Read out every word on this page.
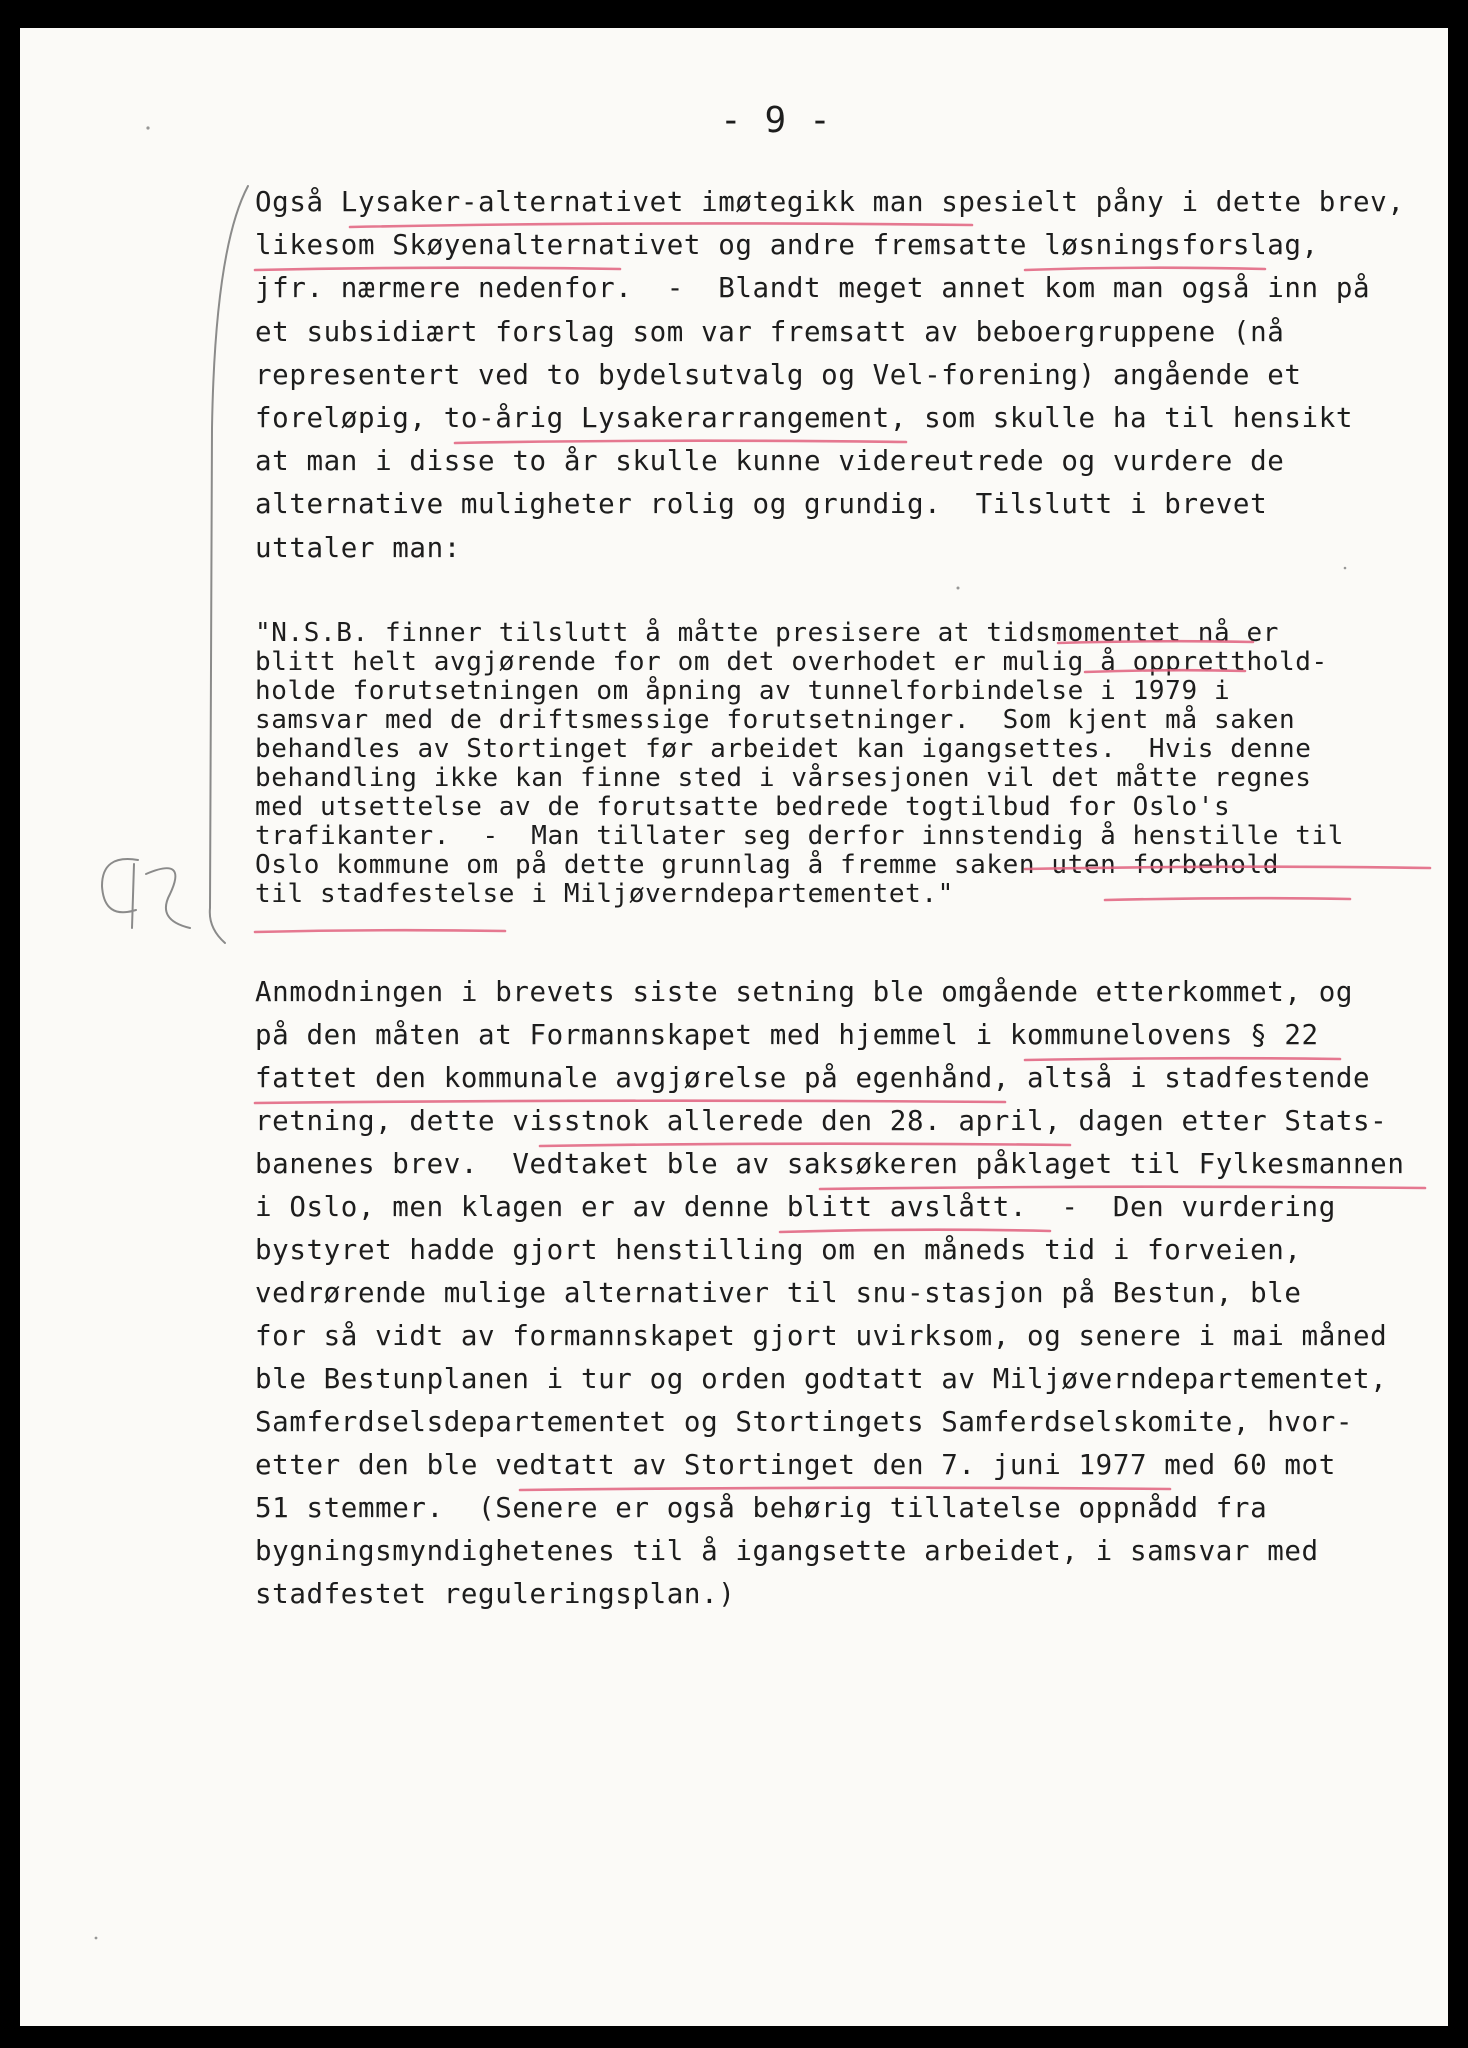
- 9 -
Også Lysaker-alternativet imøtegikk man spesielt påny i dette brev,
likesom Skøyenalternativet og andre fremsatte løsningsforslag,
jfr. nærmere nedenfor.  -  Blandt meget annet kom man også inn på
et subsidiært forslag som var fremsatt av beboergruppene (nå
representert ved to bydelsutvalg og Vel-forening) angående et
foreløpig, to-årig Lysakerarrangement, som skulle ha til hensikt
at man i disse to år skulle kunne videreutrede og vurdere de
alternative muligheter rolig og grundig.  Tilslutt i brevet
uttaler man:
"N.S.B. finner tilslutt å måtte presisere at tidsmomentet nå er
blitt helt avgjørende for om det overhodet er mulig å oppretthold-
holde forutsetningen om åpning av tunnelforbindelse i 1979 i
samsvar med de driftsmessige forutsetninger.  Som kjent må saken
behandles av Stortinget før arbeidet kan igangsettes.  Hvis denne
behandling ikke kan finne sted i vårsesjonen vil det måtte regnes
med utsettelse av de forutsatte bedrede togtilbud for Oslo's
trafikanter.  -  Man tillater seg derfor innstendig å henstille til
Oslo kommune om på dette grunnlag å fremme saken uten forbehold
til stadfestelse i Miljøverndepartementet."
Anmodningen i brevets siste setning ble omgående etterkommet, og
på den måten at Formannskapet med hjemmel i kommunelovens § 22
fattet den kommunale avgjørelse på egenhånd, altså i stadfestende
retning, dette visstnok allerede den 28. april, dagen etter Stats-
banenes brev.  Vedtaket ble av saksøkeren påklaget til Fylkesmannen
i Oslo, men klagen er av denne blitt avslått.  -  Den vurdering
bystyret hadde gjort henstilling om en måneds tid i forveien,
vedrørende mulige alternativer til snu-stasjon på Bestun, ble
for så vidt av formannskapet gjort uvirksom, og senere i mai måned
ble Bestunplanen i tur og orden godtatt av Miljøverndepartementet,
Samferdselsdepartementet og Stortingets Samferdselskomite, hvor-
etter den ble vedtatt av Stortinget den 7. juni 1977 med 60 mot
51 stemmer.  (Senere er også behørig tillatelse oppnådd fra
bygningsmyndighetenes til å igangsette arbeidet, i samsvar med
stadfestet reguleringsplan.)
